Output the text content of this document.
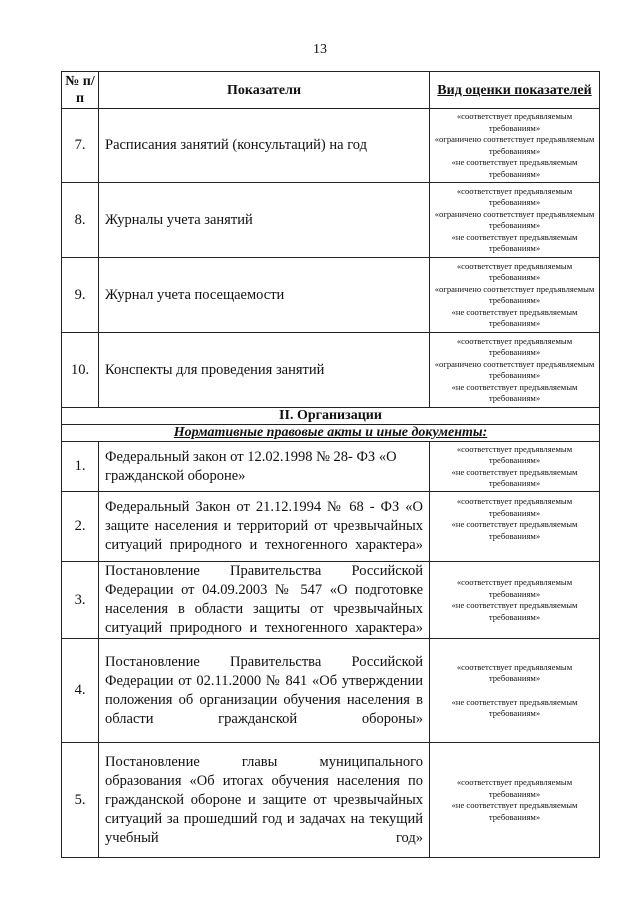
13
№ п/п	Показатели	Вид оценки показателей
7.	Расписания занятий (консультаций) на год	«соответствует предъявляемым требованиям»
«ограничено соответствует предъявляемым требованиям»
«не соответствует предъявляемым требованиям»

8.	Журналы учета занятий	«соответствует предъявляемым требованиям»
«ограничено соответствует предъявляемым требованиям»
«не соответствует предъявляемым требованиям»

9.	Журнал учета посещаемости	«соответствует предъявляемым требованиям»
«ограничено соответствует предъявляемым требованиям»
«не соответствует предъявляемым требованиям»

10.	Конспекты для проведения занятий	«соответствует предъявляемым требованиям»
«ограничено соответствует предъявляемым требованиям»
«не соответствует предъявляемым требованиям»

II. Организации		
Нормативные правовые акты и иные документы:		
1.	Федеральный закон от 12.02.1998 № 28- ФЗ «О гражданской обороне»	«соответствует предъявляемым требованиям»
«не соответствует предъявляемым требованиям»

2.	Федеральный Закон от 21.12.1994 № 68 - ФЗ «О защите населения и территорий от чрезвычайных ситуаций природного и техногенного характера»	«соответствует предъявляемым требованиям»
«не соответствует предъявляемым требованиям»

3.	Постановление Правительства Российской Федерации от 04.09.2003 № 547 «О подготовке населения в области защиты от чрезвычайных ситуаций природного и техногенного характера»	«соответствует предъявляемым требованиям»
«не соответствует предъявляемым требованиям»

4.	Постановление Правительства Российской Федерации от 02.11.2000 № 841 «Об утверждении положения об организации обучения населения в области гражданской обороны»	«соответствует предъявляемым требованиям»
«не соответствует предъявляемым требованиям»

5.	Постановление главы муниципального образования «Об итогах обучения населения по гражданской обороне и защите от чрезвычайных ситуаций за прошедший год и задачах на текущий учебный год»	«соответствует предъявляемым требованиям»
«не соответствует предъявляемым требованиям»
